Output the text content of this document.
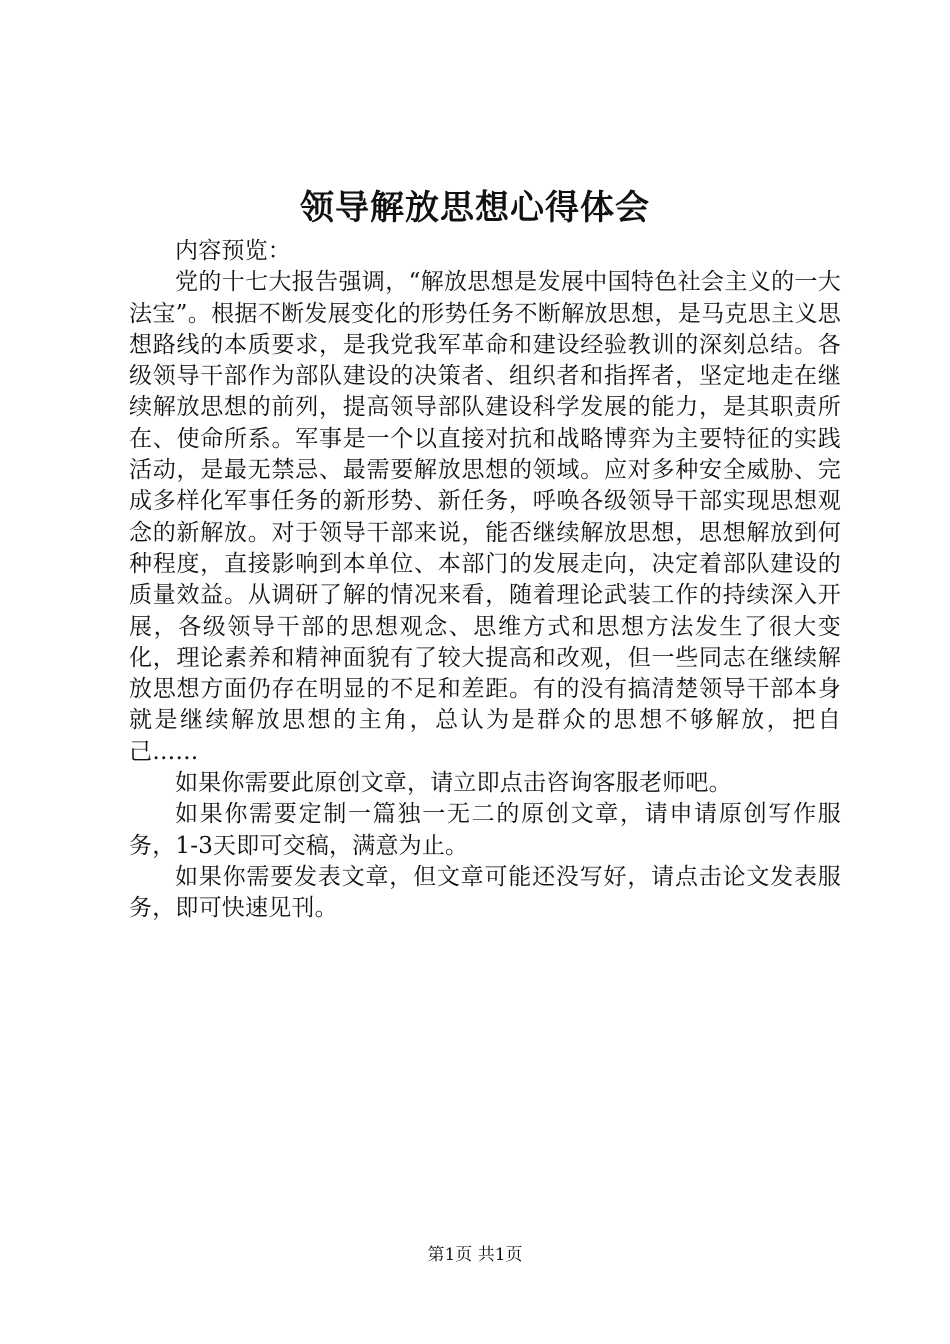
领导解放思想心得体会

内容预览：

党的十七大报告强调，“解放思想是发展中国特色社会主义的一大法宝”。根据不断发展变化的形势任务不断解放思想，是马克思主义思想路线的本质要求，是我党我军革命和建设经验教训的深刻总结。各级领导干部作为部队建设的决策者、组织者和指挥者，坚定地走在继续解放思想的前列，提高领导部队建设科学发展的能力，是其职责所在、使命所系。军事是一个以直接对抗和战略博弈为主要特征的实践活动，是最无禁忌、最需要解放思想的领域。应对多种安全威胁、完成多样化军事任务的新形势、新任务，呼唤各级领导干部实现思想观念的新解放。对于领导干部来说，能否继续解放思想，思想解放到何种程度，直接影响到本单位、本部门的发展走向，决定着部队建设的质量效益。从调研了解的情况来看，随着理论武装工作的持续深入开展，各级领导干部的思想观念、思维方式和思想方法发生了很大变化，理论素养和精神面貌有了较大提高和改观，但一些同志在继续解放思想方面仍存在明显的不足和差距。有的没有搞清楚领导干部本身就是继续解放思想的主角，总认为是群众的思想不够解放，把自己……

如果你需要此原创文章，请立即点击咨询客服老师吧。

如果你需要定制一篇独一无二的原创文章，请申请原创写作服务，1-3天即可交稿，满意为止。

如果你需要发表文章，但文章可能还没写好，请点击论文发表服务，即可快速见刊。

第1页 共1页
